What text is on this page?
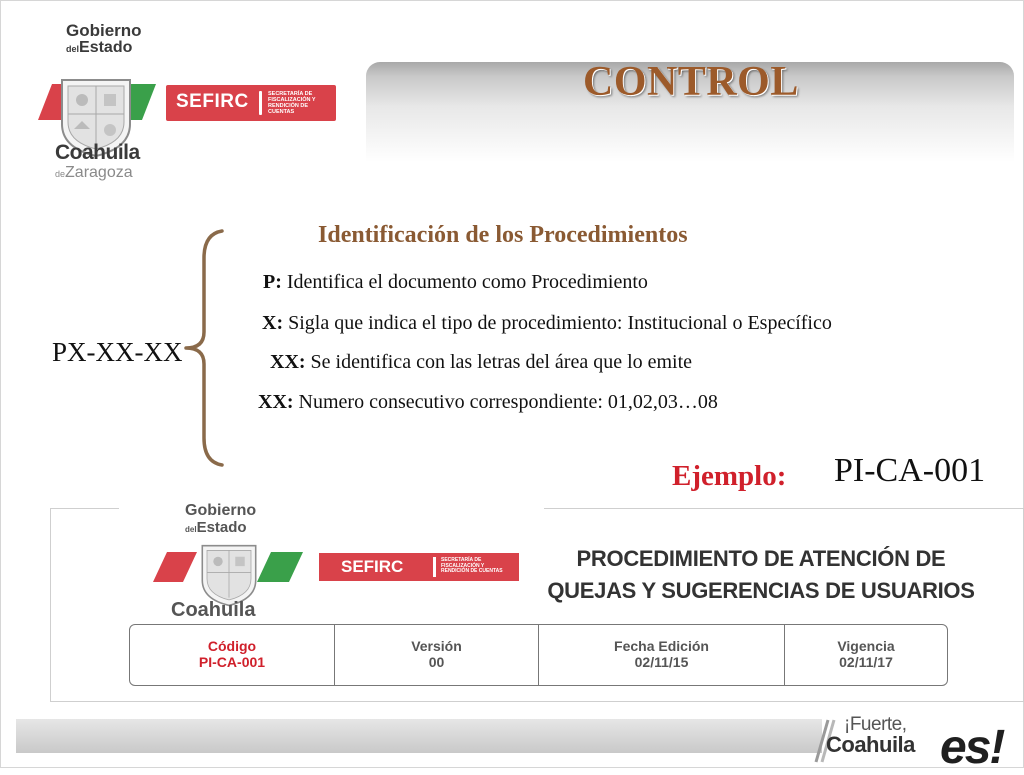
Gobierno
delEstado
SEFIRC	SECRETARÍA DE FISCALIZACIÓN Y RENDICIÓN DE CUENTAS
Coahuila
deZaragoza
CONTROL
PX-XX-XX
Identificación de los Procedimientos
P: Identifica el documento como Procedimiento
X: Sigla que indica el tipo de procedimiento: Institucional o Específico
XX: Se identifica con las letras del área que lo emite
XX: Numero consecutivo correspondiente: 01,02,03…08
Ejemplo: PI-CA-001
Gobierno
delEstado
SEFIRC	SECRETARÍA DE FISCALIZACIÓN Y RENDICIÓN DE CUENTAS
Coahuila
PROCEDIMIENTO DE ATENCIÓN DE
QUEJAS Y SUGERENCIAS DE USUARIOS
Código
PI-CA-001
Versión
00
Fecha Edición
02/11/15
Vigencia
02/11/17
¡Fuerte,
Coahuila es!
